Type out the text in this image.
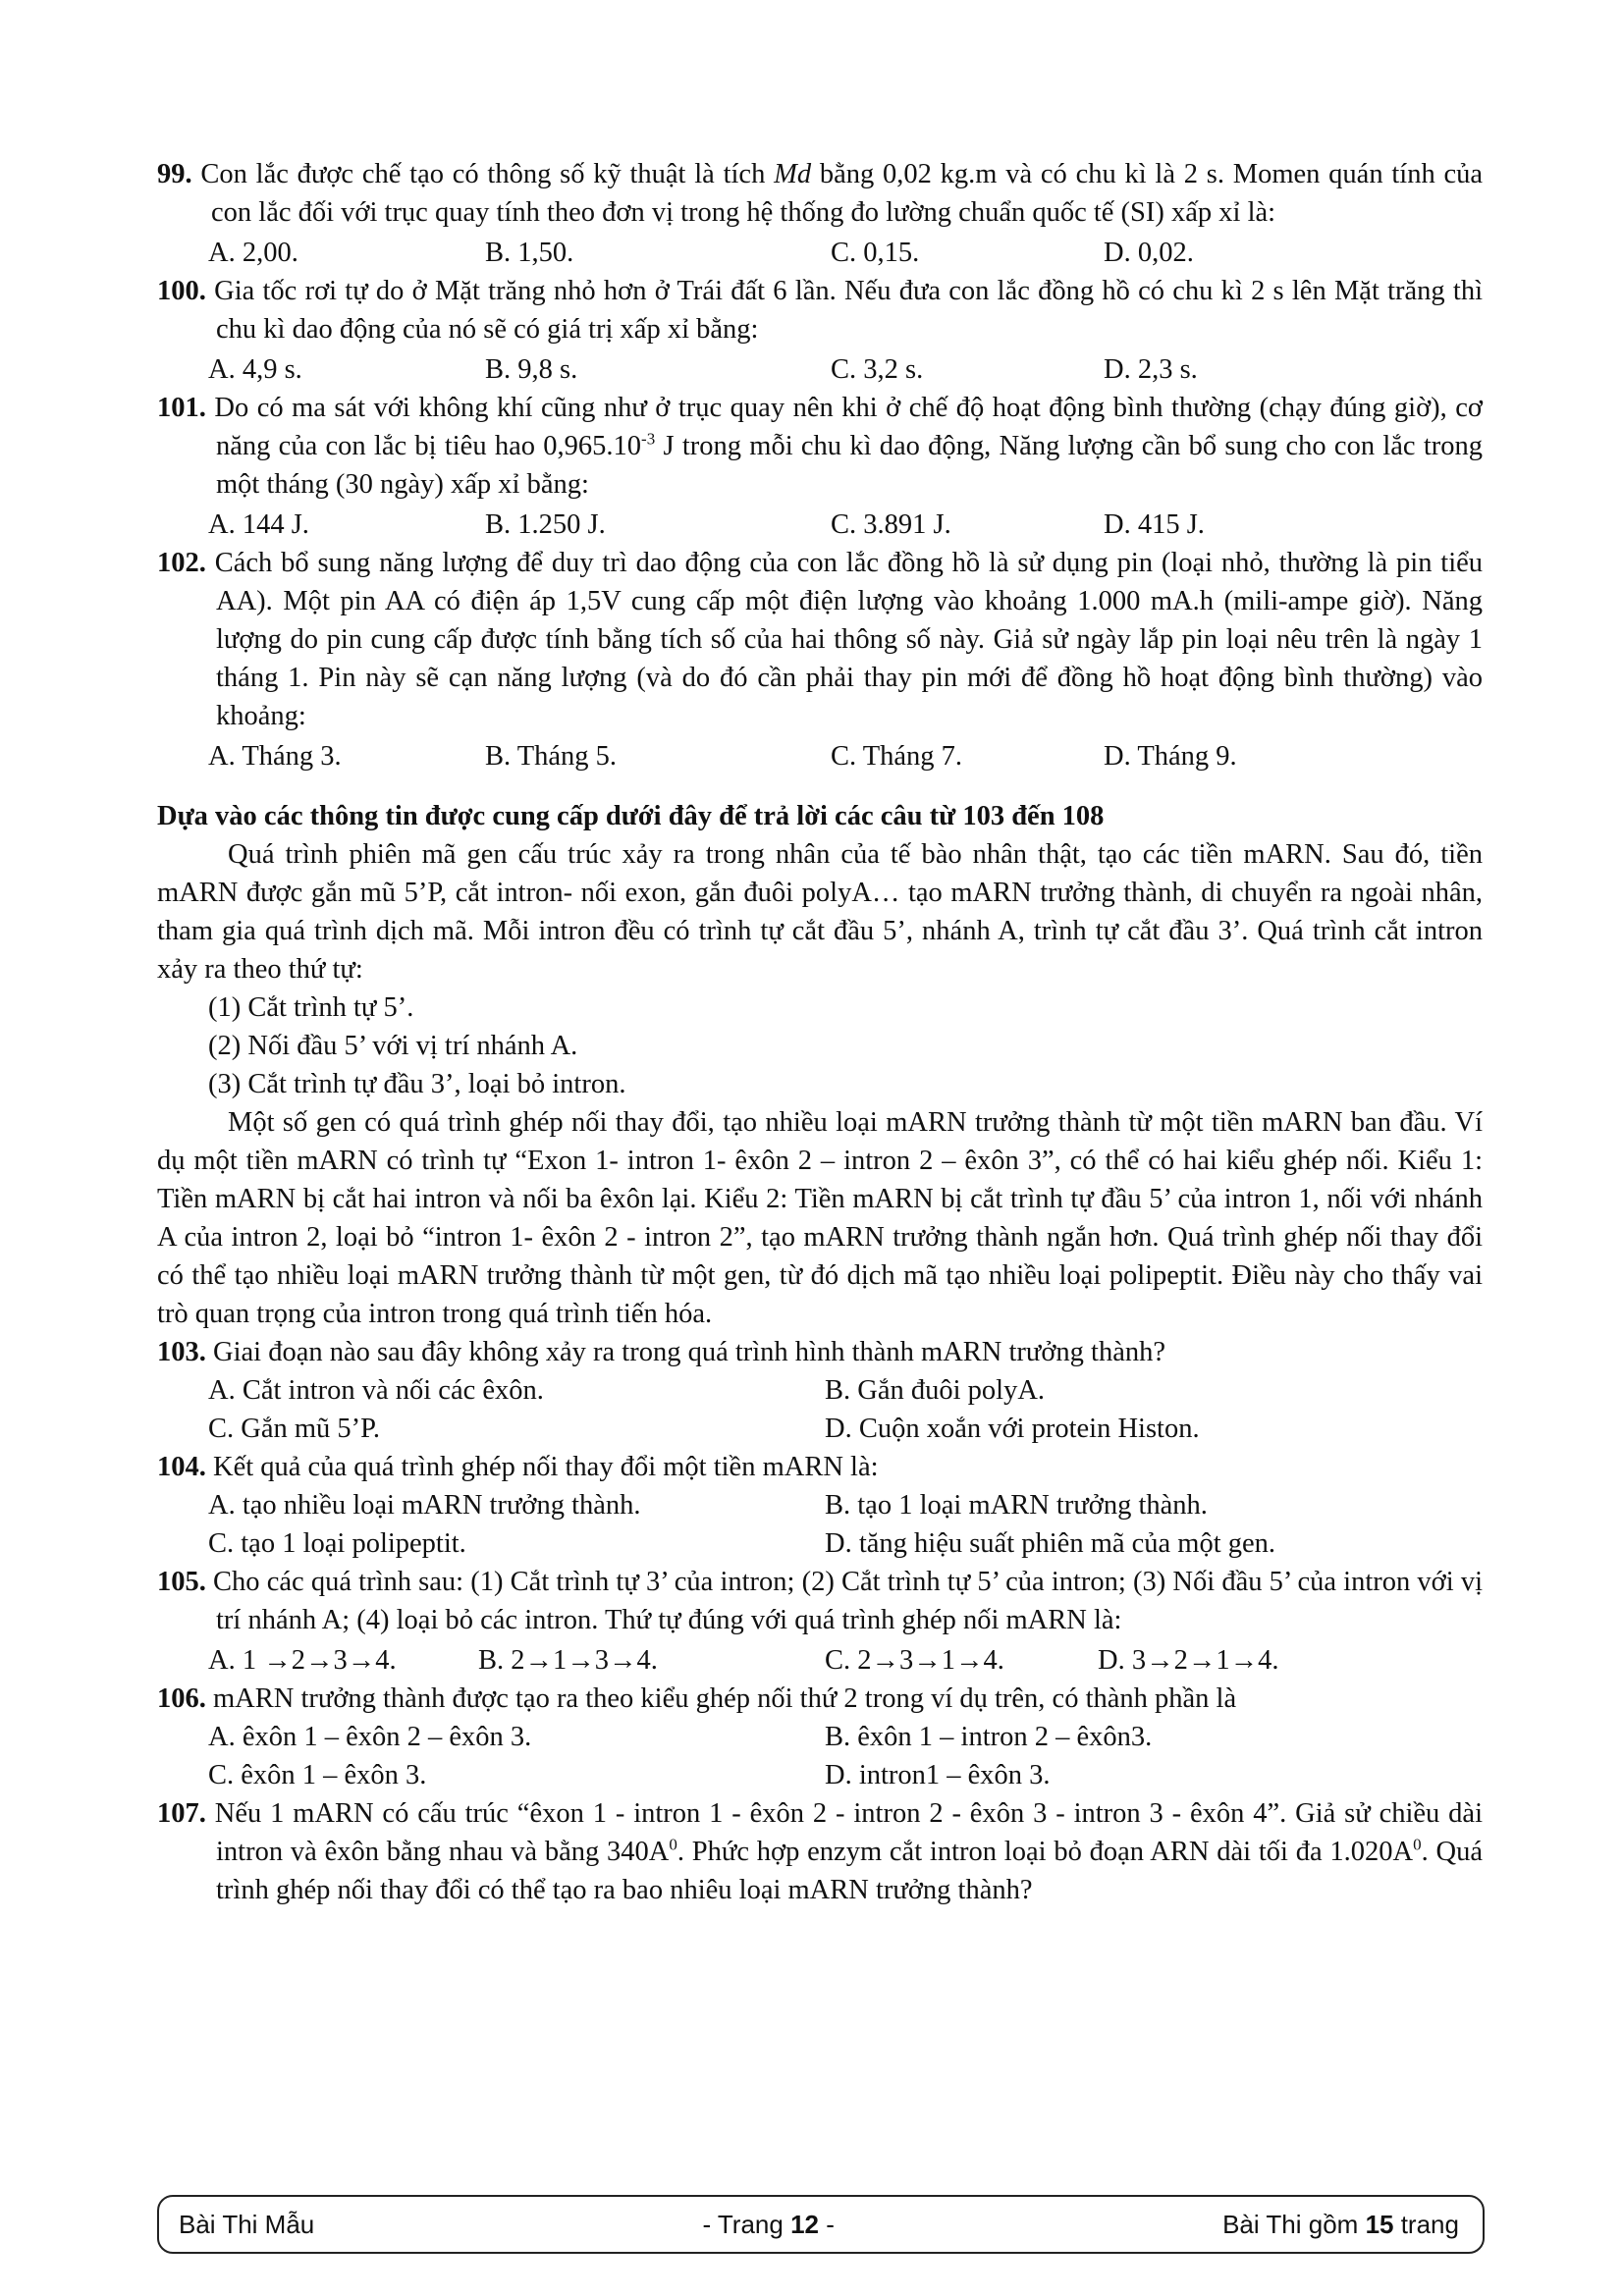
99. Con lắc được chế tạo có thông số kỹ thuật là tích Md bằng 0,02 kg.m và có chu kì là 2 s. Momen quán tính của con lắc đối với trục quay tính theo đơn vị trong hệ thống đo lường chuẩn quốc tế (SI) xấp xỉ là:
A. 2,00.	B. 1,50.	C. 0,15.	D. 0,02.
100. Gia tốc rơi tự do ở Mặt trăng nhỏ hơn ở Trái đất 6 lần. Nếu đưa con lắc đồng hồ có chu kì 2 s lên Mặt trăng thì chu kì dao động của nó sẽ có giá trị xấp xỉ bằng:
A. 4,9 s.	B. 9,8 s.	C. 3,2 s.	D. 2,3 s.
101. Do có ma sát với không khí cũng như ở trục quay nên khi ở chế độ hoạt động bình thường (chạy đúng giờ), cơ năng của con lắc bị tiêu hao $0,965.10^{-3}$ J trong mỗi chu kì dao động, Năng lượng cần bổ sung cho con lắc trong một tháng (30 ngày) xấp xỉ bằng:
A. 144 J.	B. 1.250 J.	C. 3.891 J.	D. 415 J.
102. Cách bổ sung năng lượng để duy trì dao động của con lắc đồng hồ là sử dụng pin (loại nhỏ, thường là pin tiểu AA). Một pin AA có điện áp 1,5V cung cấp một điện lượng vào khoảng 1.000 mA.h (mili-ampe giờ). Năng lượng do pin cung cấp được tính bằng tích số của hai thông số này. Giả sử ngày lắp pin loại nêu trên là ngày 1 tháng 1. Pin này sẽ cạn năng lượng (và do đó cần phải thay pin mới để đồng hồ hoạt động bình thường) vào khoảng:
A. Tháng 3.	B. Tháng 5.	C. Tháng 7.	D. Tháng 9.
Dựa vào các thông tin được cung cấp dưới đây để trả lời các câu từ 103 đến 108
Quá trình phiên mã gen cấu trúc xảy ra trong nhân của tế bào nhân thật, tạo các tiền mARN. Sau đó, tiền mARN được gắn mũ 5’P, cắt intron- nối exon, gắn đuôi polyA… tạo mARN trưởng thành, di chuyển ra ngoài nhân, tham gia quá trình dịch mã. Mỗi intron đều có trình tự cắt đầu 5’, nhánh A, trình tự cắt đầu 3’. Quá trình cắt intron xảy ra theo thứ tự:
(1) Cắt trình tự 5’.
(2) Nối đầu 5’ với vị trí nhánh A.
(3) Cắt trình tự đầu 3’, loại bỏ intron.
Một số gen có quá trình ghép nối thay đổi, tạo nhiều loại mARN trưởng thành từ một tiền mARN ban đầu. Ví dụ một tiền mARN có trình tự “Exon 1- intron 1- êxôn 2 – intron 2 – êxôn 3”, có thể có hai kiểu ghép nối. Kiểu 1: Tiền mARN bị cắt hai intron và nối ba êxôn lại. Kiểu 2: Tiền mARN bị cắt trình tự đầu 5’ của intron 1, nối với nhánh A của intron 2, loại bỏ “intron 1- êxôn 2 - intron 2”, tạo mARN trưởng thành ngắn hơn. Quá trình ghép nối thay đổi có thể tạo nhiều loại mARN trưởng thành từ một gen, từ đó dịch mã tạo nhiều loại polipeptit. Điều này cho thấy vai trò quan trọng của intron trong quá trình tiến hóa.
103. Giai đoạn nào sau đây không xảy ra trong quá trình hình thành mARN trưởng thành?
A. Cắt intron và nối các êxôn.	B. Gắn đuôi polyA.
C. Gắn mũ 5’P.	D. Cuộn xoắn với protein Histon.
104. Kết quả của quá trình ghép nối thay đổi một tiền mARN là:
A. tạo nhiều loại mARN trưởng thành.	B. tạo 1 loại mARN trưởng thành.
C. tạo 1 loại polipeptit.	D. tăng hiệu suất phiên mã của một gen.
105. Cho các quá trình sau: (1) Cắt trình tự 3’ của intron; (2) Cắt trình tự 5’ của intron; (3) Nối đầu 5’ của intron với vị trí nhánh A; (4) loại bỏ các intron. Thứ tự đúng với quá trình ghép nối mARN là:
A. 1 →2→3→4.	B. 2→1→3→4.	C. 2→3→1→4.	D. 3→2→1→4.
106. mARN trưởng thành được tạo ra theo kiểu ghép nối thứ 2 trong ví dụ trên, có thành phần là
A. êxôn 1 – êxôn 2 – êxôn 3.	B. êxôn 1 – intron 2 – êxôn3.
C. êxôn 1 – êxôn 3.	D. intron1 – êxôn 3.
107. Nếu 1 mARN có cấu trúc “êxon 1 - intron 1 - êxôn 2 - intron 2 - êxôn 3 - intron 3 - êxôn 4”. Giả sử chiều dài intron và êxôn bằng nhau và bằng $340A^0$. Phức hợp enzym cắt intron loại bỏ đoạn ARN dài tối đa $1.020A^0$. Quá trình ghép nối thay đổi có thể tạo ra bao nhiêu loại mARN trưởng thành?
Bài Thi Mẫu	- Trang 12 -	Bài Thi gồm 15 trang
